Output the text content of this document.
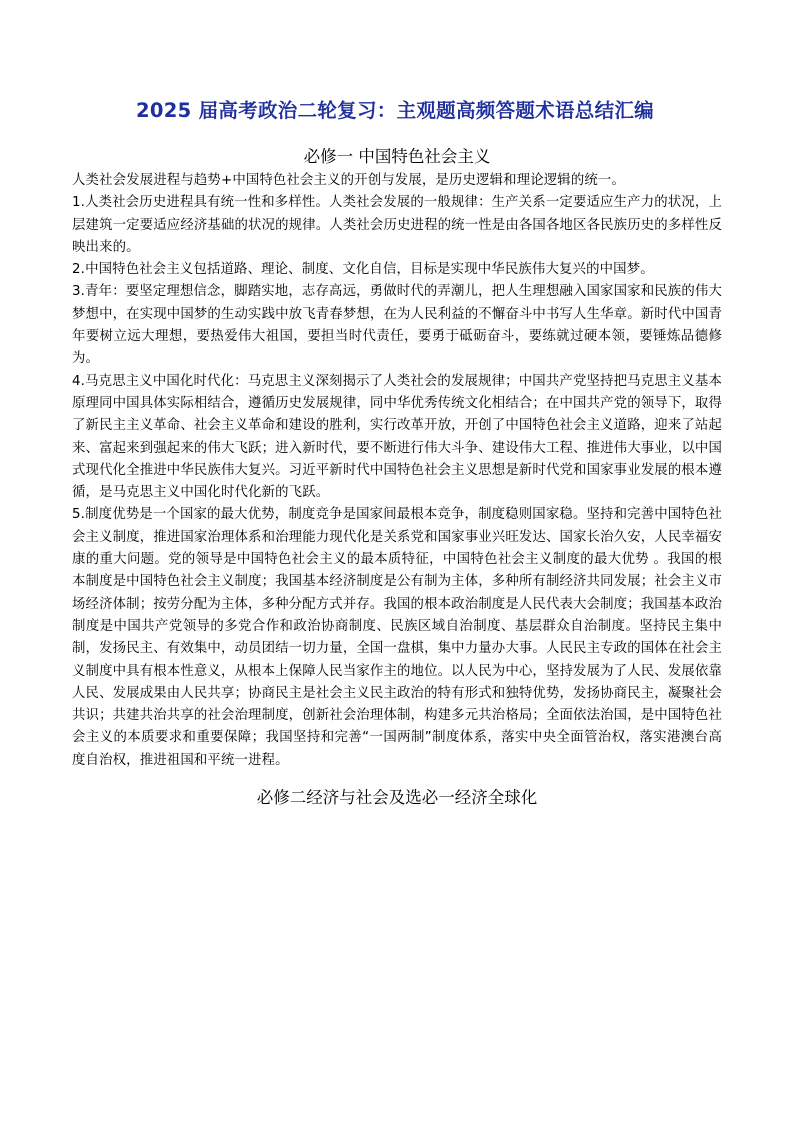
2025 届高考政治二轮复习：主观题高频答题术语总结汇编
必修一 中国特色社会主义

人类社会发展进程与趋势+中国特色社会主义的开创与发展，是历史逻辑和理论逻辑的统一。

1.人类社会历史进程具有统一性和多样性。人类社会发展的一般规律：生产关系一定要适应生产力的状况，上层建筑一定要适应经济基础的状况的规律。人类社会历史进程的统一性是由各国各地区各民族历史的多样性反映出来的。

2.中国特色社会主义包括道路、理论、制度、文化自信，目标是实现中华民族伟大复兴的中国梦。

3.青年：要坚定理想信念，脚踏实地，志存高远，勇做时代的弄潮儿，把人生理想融入国家国家和民族的伟大梦想中，在实现中国梦的生动实践中放飞青春梦想，在为人民利益的不懈奋斗中书写人生华章。新时代中国青年要树立远大理想，要热爱伟大祖国，要担当时代责任，要勇于砥砺奋斗，要练就过硬本领，要锤炼品德修为。

4.马克思主义中国化时代化：马克思主义深刻揭示了人类社会的发展规律；中国共产党坚持把马克思主义基本原理同中国具体实际相结合，遵循历史发展规律，同中华优秀传统文化相结合；在中国共产党的领导下，取得了新民主主义革命、社会主义革命和建设的胜利，实行改革开放，开创了中国特色社会主义道路，迎来了站起来、富起来到强起来的伟大飞跃；进入新时代，要不断进行伟大斗争、建设伟大工程、推进伟大事业，以中国式现代化全推进中华民族伟大复兴。习近平新时代中国特色社会主义思想是新时代党和国家事业发展的根本遵循，是马克思主义中国化时代化新的飞跃。

5.制度优势是一个国家的最大优势，制度竞争是国家间最根本竞争，制度稳则国家稳。坚持和完善中国特色社会主义制度，推进国家治理体系和治理能力现代化是关系党和国家事业兴旺发达、国家长治久安，人民幸福安康的重大问题。党的领导是中国特色社会主义的最本质特征，中国特色社会主义制度的最大优势 。我国的根本制度是中国特色社会主义制度；我国基本经济制度是公有制为主体，多种所有制经济共同发展；社会主义市场经济体制；按劳分配为主体，多种分配方式并存。我国的根本政治制度是人民代表大会制度；我国基本政治制度是中国共产党领导的多党合作和政治协商制度、民族区域自治制度、基层群众自治制度。坚持民主集中制，发扬民主、有效集中，动员团结一切力量，全国一盘棋，集中力量办大事。人民民主专政的国体在社会主义制度中具有根本性意义，从根本上保障人民当家作主的地位。以人民为中心，坚持发展为了人民、发展依靠人民、发展成果由人民共享；协商民主是社会主义民主政治的特有形式和独特优势，发扬协商民主，凝聚社会共识；共建共治共享的社会治理制度，创新社会治理体制，构建多元共治格局；全面依法治国，是中国特色社会主义的本质要求和重要保障；我国坚持和完善“一国两制”制度体系，落实中央全面管治权，落实港澳台高度自治权，推进祖国和平统一进程。

必修二经济与社会及选必一经济全球化
